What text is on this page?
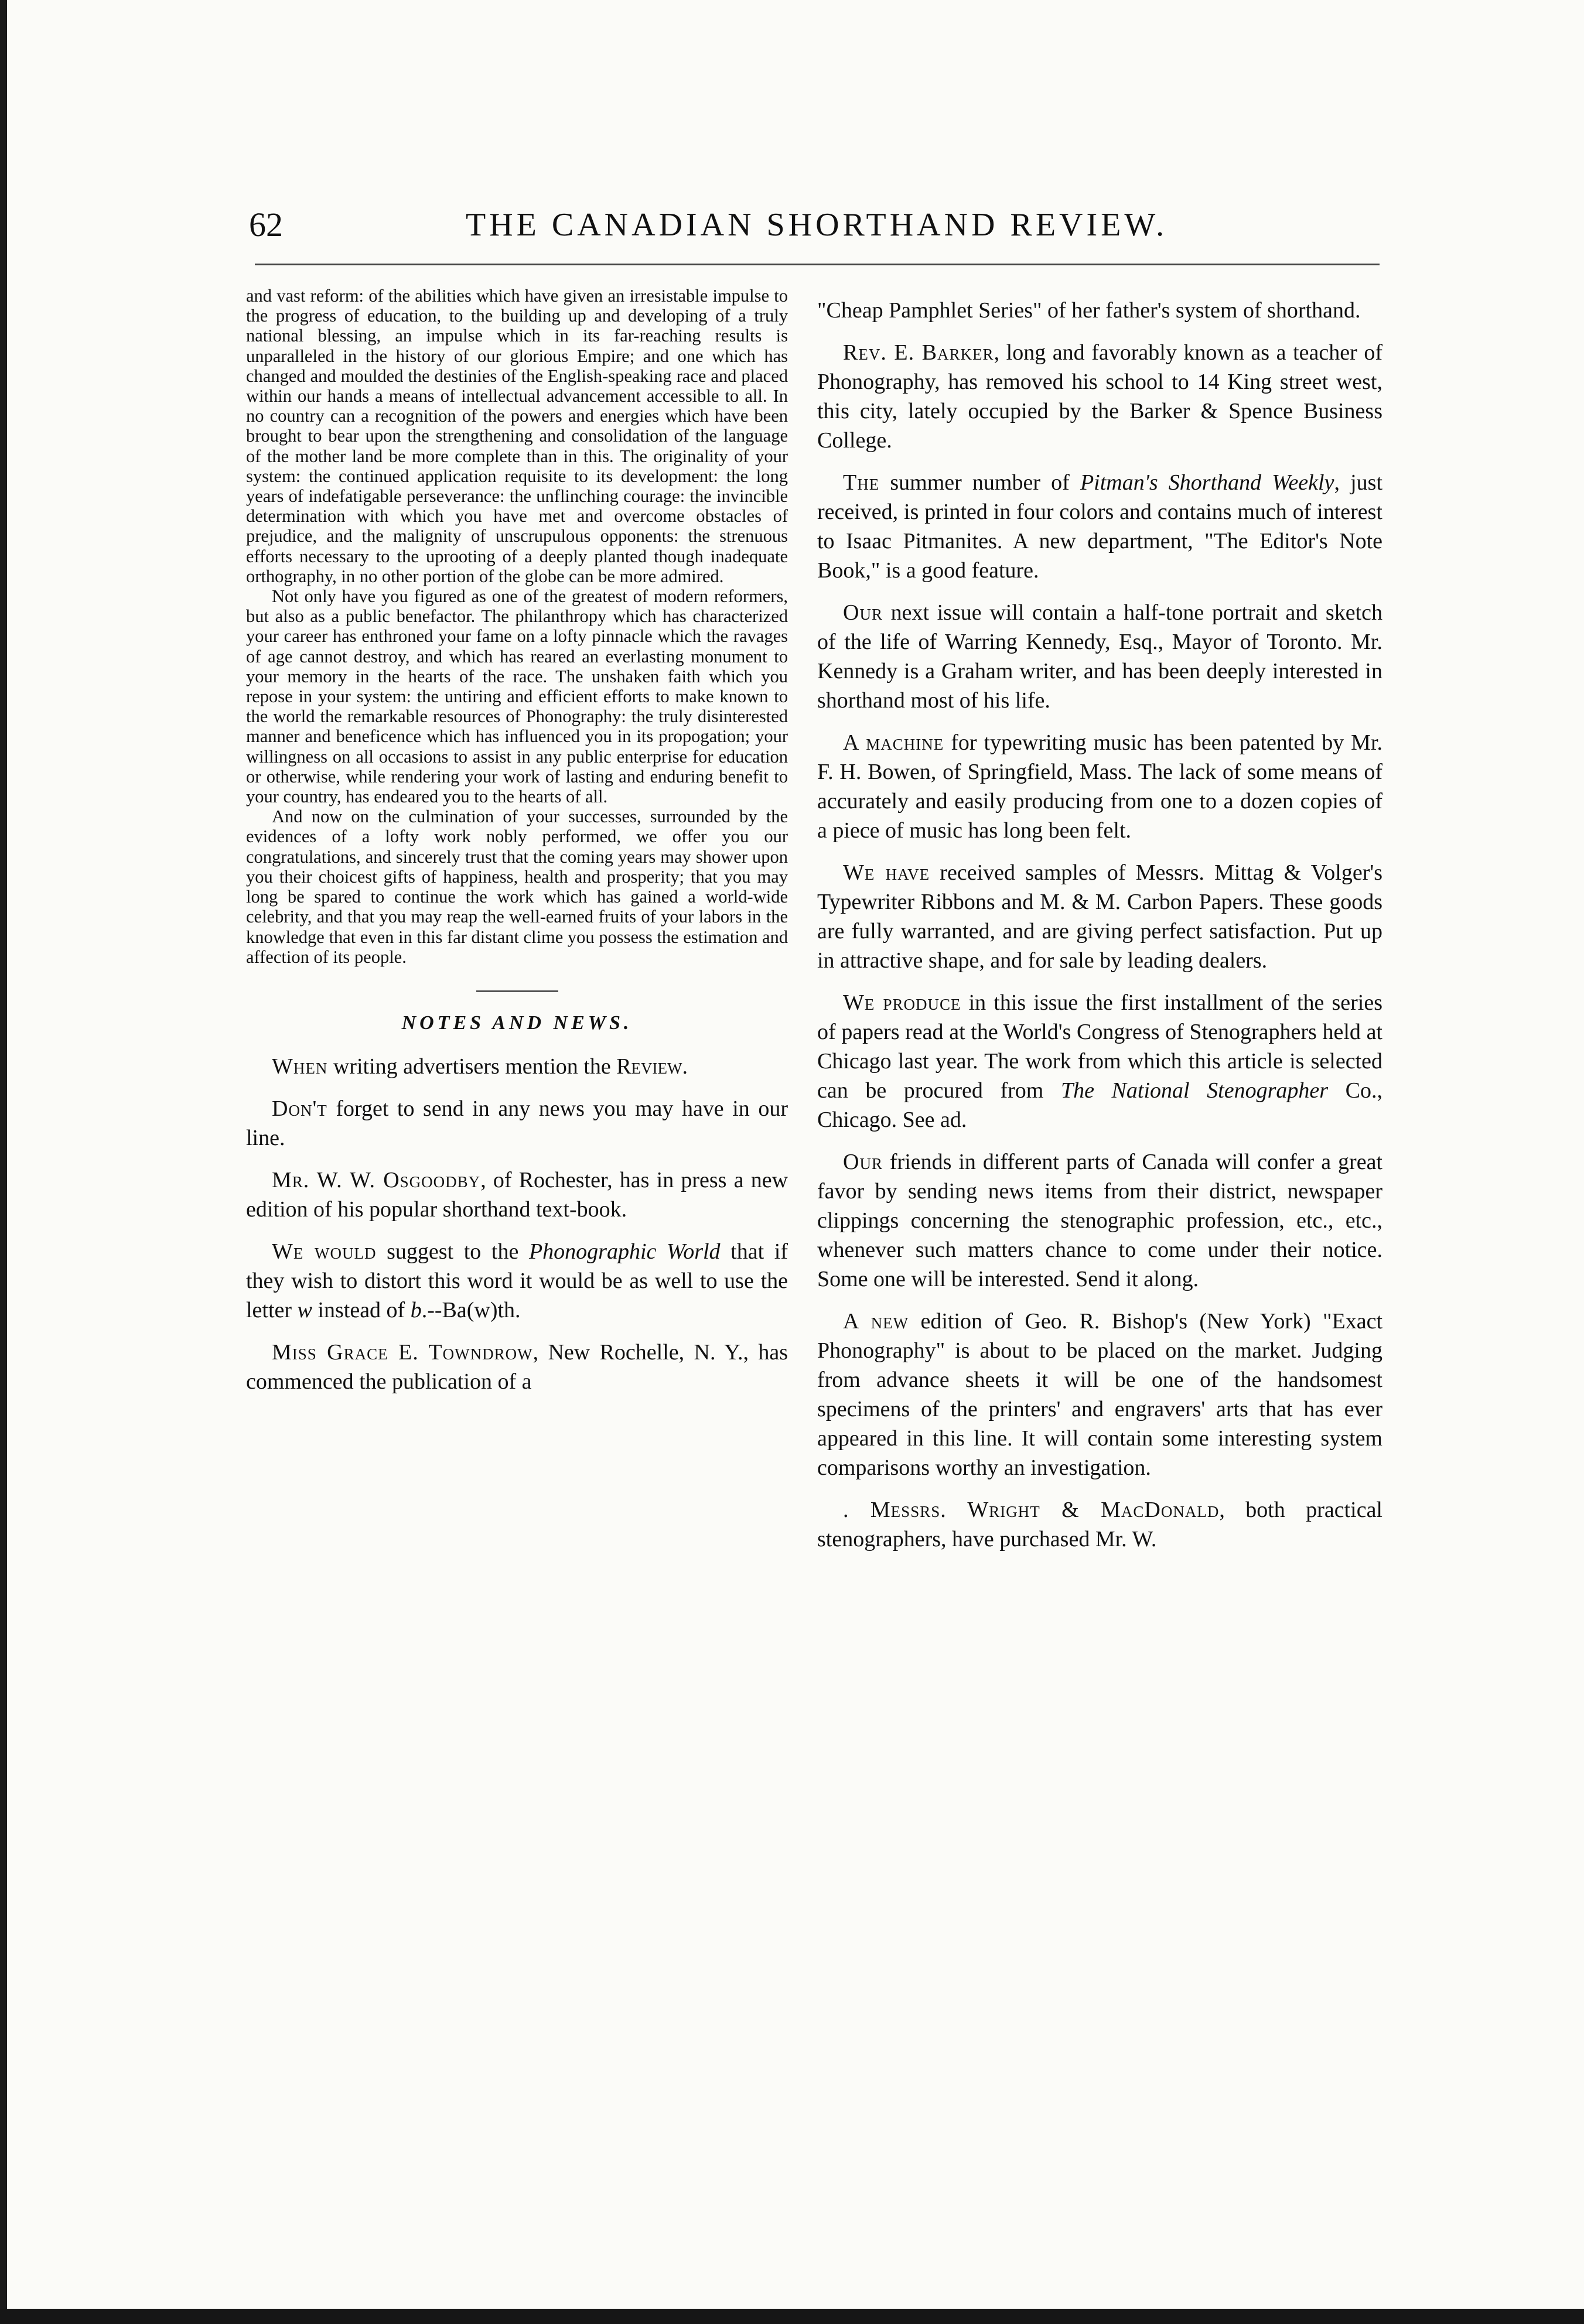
62	THE CANADIAN SHORTHAND REVIEW.

and vast reform: of the abilities which have given an irresistable impulse to the progress of education, to the building up and developing of a truly national blessing, an impulse which in its far-reaching results is unparalleled in the history of our glorious Empire; and one which has changed and moulded the destinies of the English-speaking race and placed within our hands a means of intellectual advancement accessible to all. In no country can a recognition of the powers and energies which have been brought to bear upon the strengthening and consolidation of the language of the mother land be more complete than in this. The originality of your system: the continued application requisite to its development: the long years of indefatigable perseverance: the unflinching courage: the invincible determination with which you have met and overcome obstacles of prejudice, and the malignity of unscrupulous opponents: the strenuous efforts necessary to the uprooting of a deeply planted though inadequate orthography, in no other portion of the globe can be more admired.

Not only have you figured as one of the greatest of modern reformers, but also as a public benefactor. The philanthropy which has characterized your career has enthroned your fame on a lofty pinnacle which the ravages of age cannot destroy, and which has reared an everlasting monument to your memory in the hearts of the race. The unshaken faith which you repose in your system: the untiring and efficient efforts to make known to the world the remarkable resources of Phonography: the truly disinterested manner and beneficence which has influenced you in its propogation; your willingness on all occasions to assist in any public enterprise for education or otherwise, while rendering your work of lasting and enduring benefit to your country, has endeared you to the hearts of all.

And now on the culmination of your successes, surrounded by the evidences of a lofty work nobly performed, we offer you our congratulations, and sincerely trust that the coming years may shower upon you their choicest gifts of happiness, health and prosperity; that you may long be spared to continue the work which has gained a world-wide celebrity, and that you may reap the well-earned fruits of your labors in the knowledge that even in this far distant clime you possess the estimation and affection of its people.

NOTES AND NEWS.

When writing advertisers mention the Review.

Don't forget to send in any news you may have in our line.

Mr. W. W. Osgoodby, of Rochester, has in press a new edition of his popular shorthand text-book.

We would suggest to the Phonographic World that if they wish to distort this word it would be as well to use the letter w instead of b.--Ba(w)th.

Miss Grace E. Towndrow, New Rochelle, N. Y., has commenced the publication of a

"Cheap Pamphlet Series" of her father's system of shorthand.

Rev. E. Barker, long and favorably known as a teacher of Phonography, has removed his school to 14 King street west, this city, lately occupied by the Barker & Spence Business College.

The summer number of Pitman's Shorthand Weekly, just received, is printed in four colors and contains much of interest to Isaac Pitmanites. A new department, "The Editor's Note Book," is a good feature.

Our next issue will contain a half-tone portrait and sketch of the life of Warring Kennedy, Esq., Mayor of Toronto. Mr. Kennedy is a Graham writer, and has been deeply interested in shorthand most of his life.

A machine for typewriting music has been patented by Mr. F. H. Bowen, of Springfield, Mass. The lack of some means of accurately and easily producing from one to a dozen copies of a piece of music has long been felt.

We have received samples of Messrs. Mittag & Volger's Typewriter Ribbons and M. & M. Carbon Papers. These goods are fully warranted, and are giving perfect satisfaction. Put up in attractive shape, and for sale by leading dealers.

We produce in this issue the first installment of the series of papers read at the World's Congress of Stenographers held at Chicago last year. The work from which this article is selected can be procured from The National Stenographer Co., Chicago. See ad.

Our friends in different parts of Canada will confer a great favor by sending news items from their district, newspaper clippings concerning the stenographic profession, etc., etc., whenever such matters chance to come under their notice. Some one will be interested. Send it along.

A new edition of Geo. R. Bishop's (New York) "Exact Phonography" is about to be placed on the market. Judging from advance sheets it will be one of the handsomest specimens of the printers' and engravers' arts that has ever appeared in this line. It will contain some interesting system comparisons worthy an investigation.

. Messrs. Wright & MacDonald, both practical stenographers, have purchased Mr. W.
